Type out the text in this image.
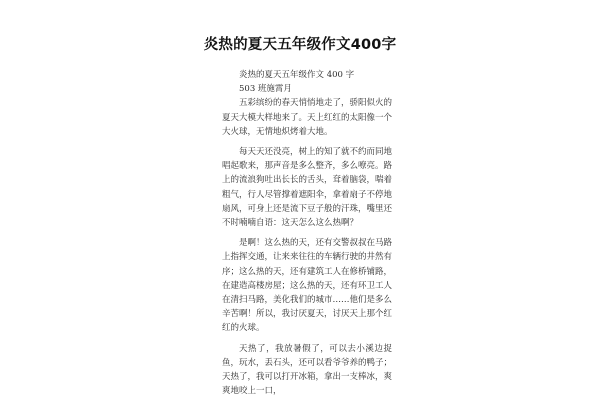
炎热的夏天五年级作文400字

炎热的夏天五年级作文 400 字

503 班施霄月

五彩缤纷的春天悄悄地走了，骄阳似火的夏天大模大样地来了。天上红红的太阳像一个大火球，无情地炽烤着大地。

每天天还没亮，树上的知了就不约而同地唱起歌来，那声音是多么整齐，多么嘹亮。路上的流浪狗吐出长长的舌头，耷着脑袋，喘着粗气，行人尽管撑着遮阳伞，拿着扇子不停地扇风，可身上还是流下豆子般的汗珠，嘴里还不时喃喃自语：这天怎么这么热啊？

是啊！这么热的天，还有交警叔叔在马路上指挥交通，让来来往往的车辆行驶的井然有序；这么热的天，还有建筑工人在修桥铺路，在建造高楼房屋；这么热的天，还有环卫工人在清扫马路，美化我们的城市……他们是多么辛苦啊！所以，我讨厌夏天，讨厌天上那个红红的火球。

天热了，我放暑假了，可以去小溪边捉鱼，玩水，丢石头，还可以看爷爷养的鸭子；天热了，我可以打开冰箱，拿出一支棒冰，爽爽地咬上一口，
